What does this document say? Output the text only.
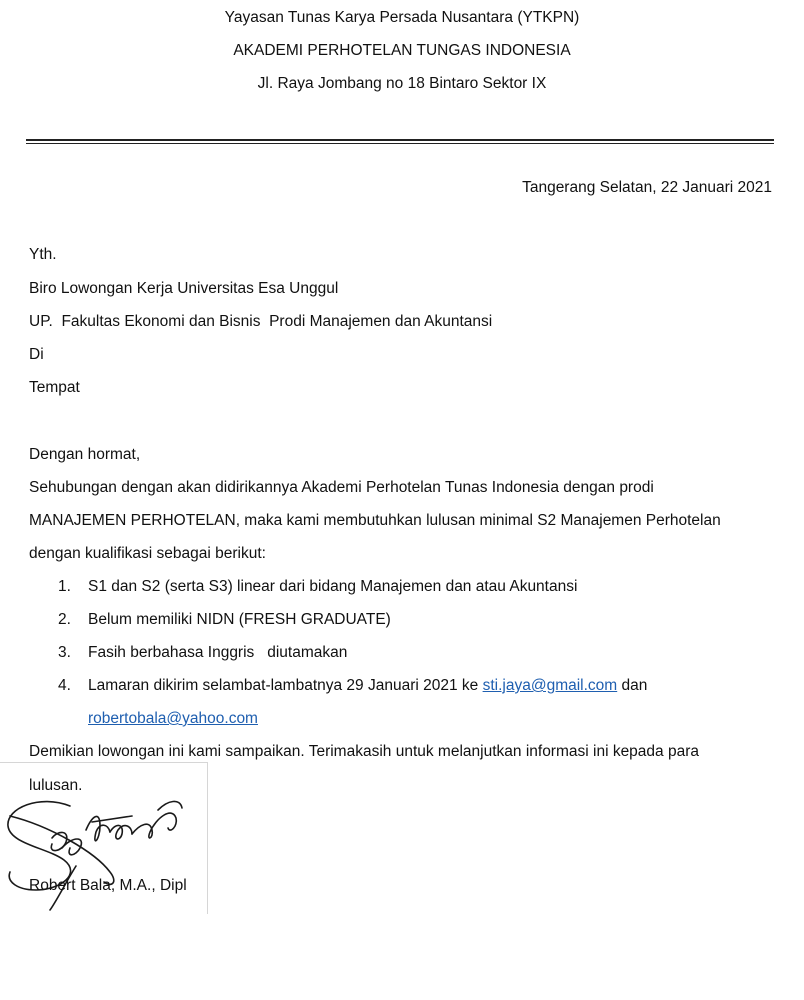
Yayasan Tunas Karya Persada Nusantara (YTKPN)
AKADEMI PERHOTELAN TUNGAS INDONESIA
Jl. Raya Jombang no 18 Bintaro Sektor IX
Tangerang Selatan, 22 Januari 2021
Yth.
Biro Lowongan Kerja Universitas Esa Unggul
UP.  Fakultas Ekonomi dan Bisnis  Prodi Manajemen dan Akuntansi
Di
Tempat
Dengan hormat,
Sehubungan dengan akan didirikannya Akademi Perhotelan Tunas Indonesia dengan prodi
MANAJEMEN PERHOTELAN, maka kami membutuhkan lulusan minimal S2 Manajemen Perhotelan
dengan kualifikasi sebagai berikut:
1. S1 dan S2 (serta S3) linear dari bidang Manajemen dan atau Akuntansi
2. Belum memiliki NIDN (FRESH GRADUATE)
3. Fasih berbahasa Inggris   diutamakan
4. Lamaran dikirim selambat-lambatnya 29 Januari 2021 ke sti.jaya@gmail.com dan
robertobala@yahoo.com
Demikian lowongan ini kami sampaikan. Terimakasih untuk melanjutkan informasi ini kepada para
lulusan.
Robert Bala, M.A., Dipl
